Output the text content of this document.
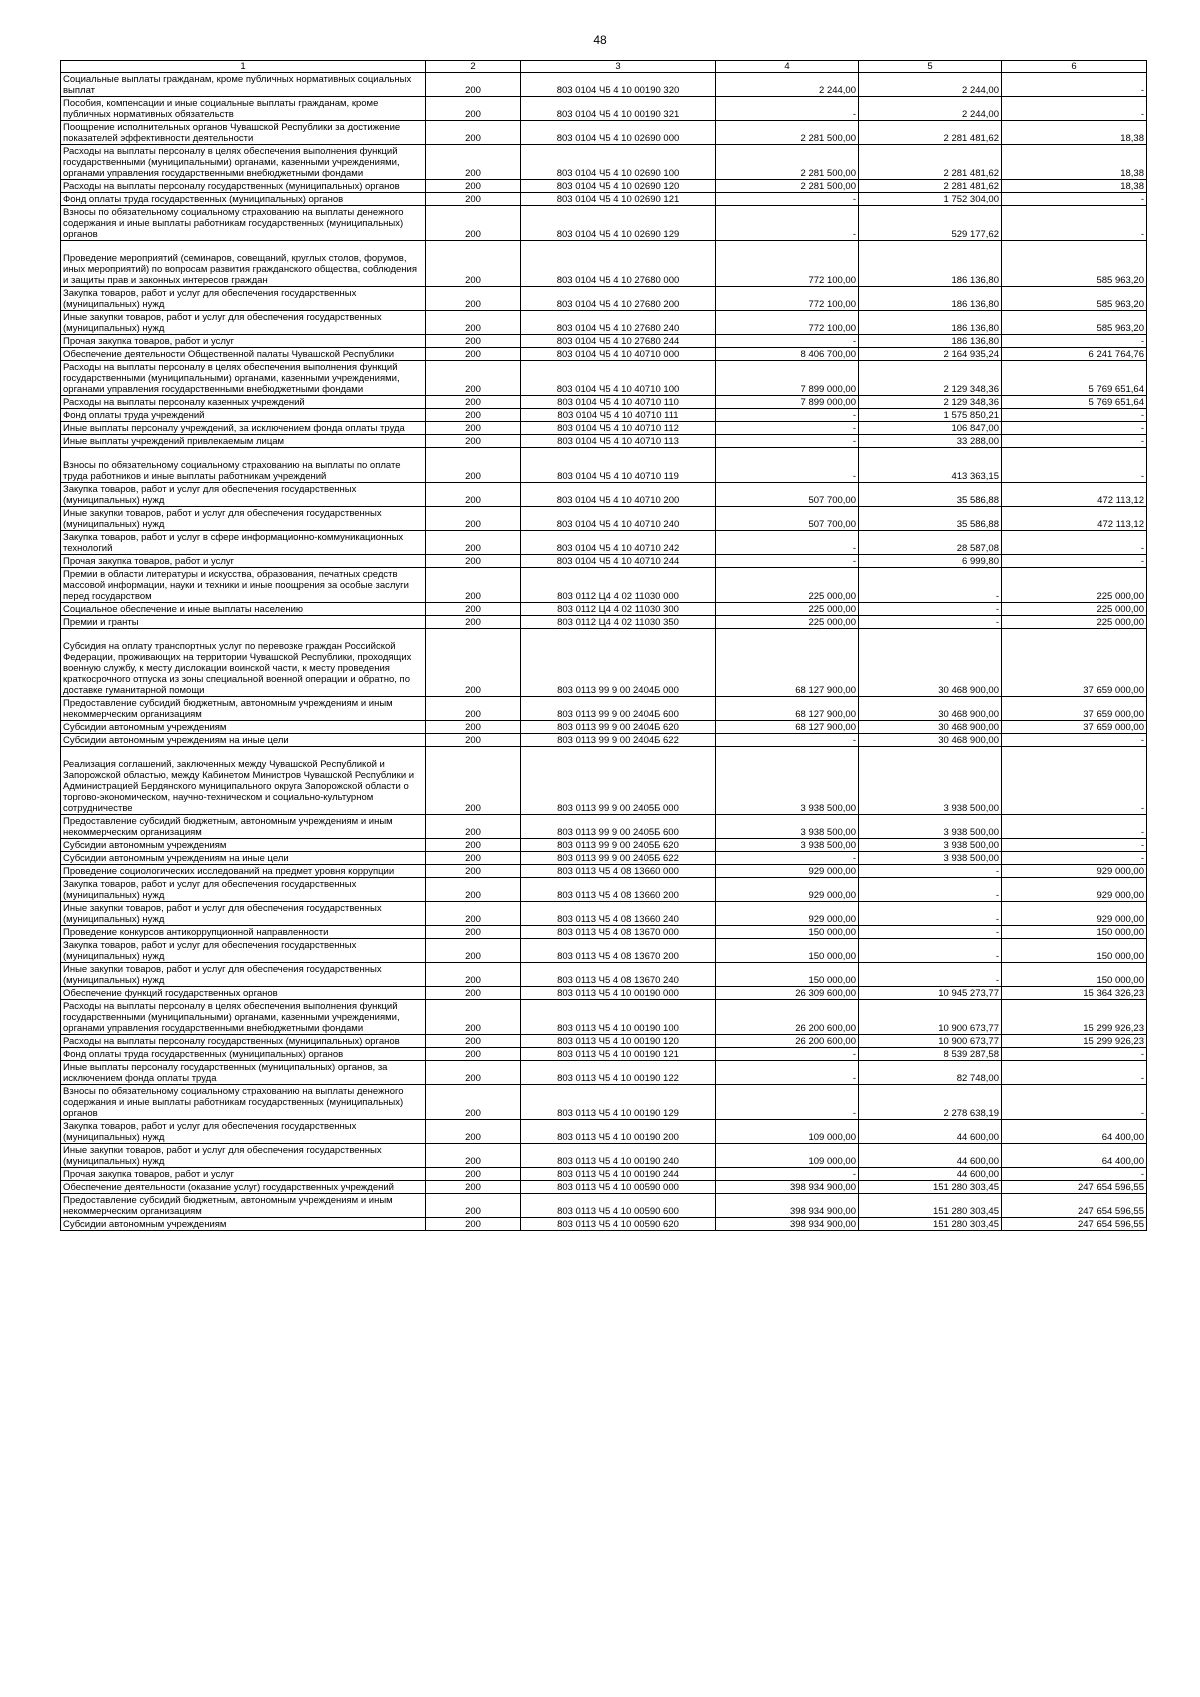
48
1	2	3	4	5	6
Социальные выплаты гражданам, кроме публичных нормативных социальных выплат	200	803 0104 Ч5 4 10 00190 320	2 244,00	2 244,00	-
Пособия, компенсации и иные социальные выплаты гражданам, кроме публичных нормативных обязательств	200	803 0104 Ч5 4 10 00190 321	-	2 244,00	-
Поощрение исполнительных органов Чувашской Республики за достижение показателей эффективности деятельности	200	803 0104 Ч5 4 10 02690 000	2 281 500,00	2 281 481,62	18,38
Расходы на выплаты персоналу в целях обеспечения выполнения функций государственными (муниципальными) органами, казенными учреждениями, органами управления государственными внебюджетными фондами	200	803 0104 Ч5 4 10 02690 100	2 281 500,00	2 281 481,62	18,38
Расходы на выплаты персоналу государственных (муниципальных) органов	200	803 0104 Ч5 4 10 02690 120	2 281 500,00	2 281 481,62	18,38
Фонд оплаты труда государственных (муниципальных) органов	200	803 0104 Ч5 4 10 02690 121	-	1 752 304,00	-
Взносы по обязательному социальному страхованию на выплаты денежного содержания и иные выплаты работникам государственных (муниципальных) органов	200	803 0104 Ч5 4 10 02690 129	-	529 177,62	-
Проведение мероприятий (семинаров, совещаний, круглых столов, форумов, иных мероприятий) по вопросам развития гражданского общества, соблюдения и защиты прав и законных интересов граждан	200	803 0104 Ч5 4 10 27680 000	772 100,00	186 136,80	585 963,20
Закупка товаров, работ и услуг для обеспечения государственных (муниципальных) нужд	200	803 0104 Ч5 4 10 27680 200	772 100,00	186 136,80	585 963,20
Иные закупки товаров, работ и услуг для обеспечения государственных (муниципальных) нужд	200	803 0104 Ч5 4 10 27680 240	772 100,00	186 136,80	585 963,20
Прочая закупка товаров, работ и услуг	200	803 0104 Ч5 4 10 27680 244	-	186 136,80	-
Обеспечение деятельности Общественной палаты Чувашской Республики	200	803 0104 Ч5 4 10 40710 000	8 406 700,00	2 164 935,24	6 241 764,76
Расходы на выплаты персоналу в целях обеспечения выполнения функций государственными (муниципальными) органами, казенными учреждениями, органами управления государственными внебюджетными фондами	200	803 0104 Ч5 4 10 40710 100	7 899 000,00	2 129 348,36	5 769 651,64
Расходы на выплаты персоналу казенных учреждений	200	803 0104 Ч5 4 10 40710 110	7 899 000,00	2 129 348,36	5 769 651,64
Фонд оплаты труда учреждений	200	803 0104 Ч5 4 10 40710 111	-	1 575 850,21	-
Иные выплаты персоналу учреждений, за исключением фонда оплаты труда	200	803 0104 Ч5 4 10 40710 112	-	106 847,00	-
Иные выплаты учреждений привлекаемым лицам	200	803 0104 Ч5 4 10 40710 113	-	33 288,00	-
Взносы по обязательному социальному страхованию на выплаты по оплате труда работников и иные выплаты работникам учреждений	200	803 0104 Ч5 4 10 40710 119	-	413 363,15	-
Закупка товаров, работ и услуг для обеспечения государственных (муниципальных) нужд	200	803 0104 Ч5 4 10 40710 200	507 700,00	35 586,88	472 113,12
Иные закупки товаров, работ и услуг для обеспечения государственных (муниципальных) нужд	200	803 0104 Ч5 4 10 40710 240	507 700,00	35 586,88	472 113,12
Закупка товаров, работ и услуг в сфере информационно-коммуникационных технологий	200	803 0104 Ч5 4 10 40710 242	-	28 587,08	-
Прочая закупка товаров, работ и услуг	200	803 0104 Ч5 4 10 40710 244	-	6 999,80	-
Премии в области литературы и искусства, образования, печатных средств массовой информации, науки и техники и иные поощрения за особые заслуги перед государством	200	803 0112 Ц4 4 02 11030 000	225 000,00	-	225 000,00
Социальное обеспечение и иные выплаты населению	200	803 0112 Ц4 4 02 11030 300	225 000,00	-	225 000,00
Премии и гранты	200	803 0112 Ц4 4 02 11030 350	225 000,00	-	225 000,00
Субсидия на оплату транспортных услуг по перевозке граждан Российской Федерации, проживающих на территории Чувашской Республики, проходящих военную службу, к месту дислокации воинской части, к месту проведения краткосрочного отпуска из зоны специальной военной операции и обратно, по доставке гуманитарной помощи	200	803 0113 99 9 00 2404Б 000	68 127 900,00	30 468 900,00	37 659 000,00
Предоставление субсидий бюджетным, автономным учреждениям и иным некоммерческим организациям	200	803 0113 99 9 00 2404Б 600	68 127 900,00	30 468 900,00	37 659 000,00
Субсидии автономным учреждениям	200	803 0113 99 9 00 2404Б 620	68 127 900,00	30 468 900,00	37 659 000,00
Субсидии автономным учреждениям на иные цели	200	803 0113 99 9 00 2404Б 622	-	30 468 900,00	-
Реализация соглашений, заключенных между Чувашской Республикой и Запорожской областью, между Кабинетом Министров Чувашской Республики и Администрацией Бердянского муниципального округа Запорожской области о торгово-экономическом, научно-техническом и социально-культурном сотрудничестве	200	803 0113 99 9 00 2405Б 000	3 938 500,00	3 938 500,00	-
Предоставление субсидий бюджетным, автономным учреждениям и иным некоммерческим организациям	200	803 0113 99 9 00 2405Б 600	3 938 500,00	3 938 500,00	-
Субсидии автономным учреждениям	200	803 0113 99 9 00 2405Б 620	3 938 500,00	3 938 500,00	-
Субсидии автономным учреждениям на иные цели	200	803 0113 99 9 00 2405Б 622	-	3 938 500,00	-
Проведение социологических исследований на предмет уровня коррупции	200	803 0113 Ч5 4 08 13660 000	929 000,00	-	929 000,00
Закупка товаров, работ и услуг для обеспечения государственных (муниципальных) нужд	200	803 0113 Ч5 4 08 13660 200	929 000,00	-	929 000,00
Иные закупки товаров, работ и услуг для обеспечения государственных (муниципальных) нужд	200	803 0113 Ч5 4 08 13660 240	929 000,00	-	929 000,00
Проведение конкурсов антикоррупционной направленности	200	803 0113 Ч5 4 08 13670 000	150 000,00	-	150 000,00
Закупка товаров, работ и услуг для обеспечения государственных (муниципальных) нужд	200	803 0113 Ч5 4 08 13670 200	150 000,00	-	150 000,00
Иные закупки товаров, работ и услуг для обеспечения государственных (муниципальных) нужд	200	803 0113 Ч5 4 08 13670 240	150 000,00	-	150 000,00
Обеспечение функций государственных органов	200	803 0113 Ч5 4 10 00190 000	26 309 600,00	10 945 273,77	15 364 326,23
Расходы на выплаты персоналу в целях обеспечения выполнения функций государственными (муниципальными) органами, казенными учреждениями, органами управления государственными внебюджетными фондами	200	803 0113 Ч5 4 10 00190 100	26 200 600,00	10 900 673,77	15 299 926,23
Расходы на выплаты персоналу государственных (муниципальных) органов	200	803 0113 Ч5 4 10 00190 120	26 200 600,00	10 900 673,77	15 299 926,23
Фонд оплаты труда государственных (муниципальных) органов	200	803 0113 Ч5 4 10 00190 121	-	8 539 287,58	-
Иные выплаты персоналу государственных (муниципальных) органов, за исключением фонда оплаты труда	200	803 0113 Ч5 4 10 00190 122	-	82 748,00	-
Взносы по обязательному социальному страхованию на выплаты денежного содержания и иные выплаты работникам государственных (муниципальных) органов	200	803 0113 Ч5 4 10 00190 129	-	2 278 638,19	-
Закупка товаров, работ и услуг для обеспечения государственных (муниципальных) нужд	200	803 0113 Ч5 4 10 00190 200	109 000,00	44 600,00	64 400,00
Иные закупки товаров, работ и услуг для обеспечения государственных (муниципальных) нужд	200	803 0113 Ч5 4 10 00190 240	109 000,00	44 600,00	64 400,00
Прочая закупка товаров, работ и услуг	200	803 0113 Ч5 4 10 00190 244	-	44 600,00	-
Обеспечение деятельности (оказание услуг) государственных учреждений	200	803 0113 Ч5 4 10 00590 000	398 934 900,00	151 280 303,45	247 654 596,55
Предоставление субсидий бюджетным, автономным учреждениям и иным некоммерческим организациям	200	803 0113 Ч5 4 10 00590 600	398 934 900,00	151 280 303,45	247 654 596,55
Субсидии автономным учреждениям	200	803 0113 Ч5 4 10 00590 620	398 934 900,00	151 280 303,45	247 654 596,55
